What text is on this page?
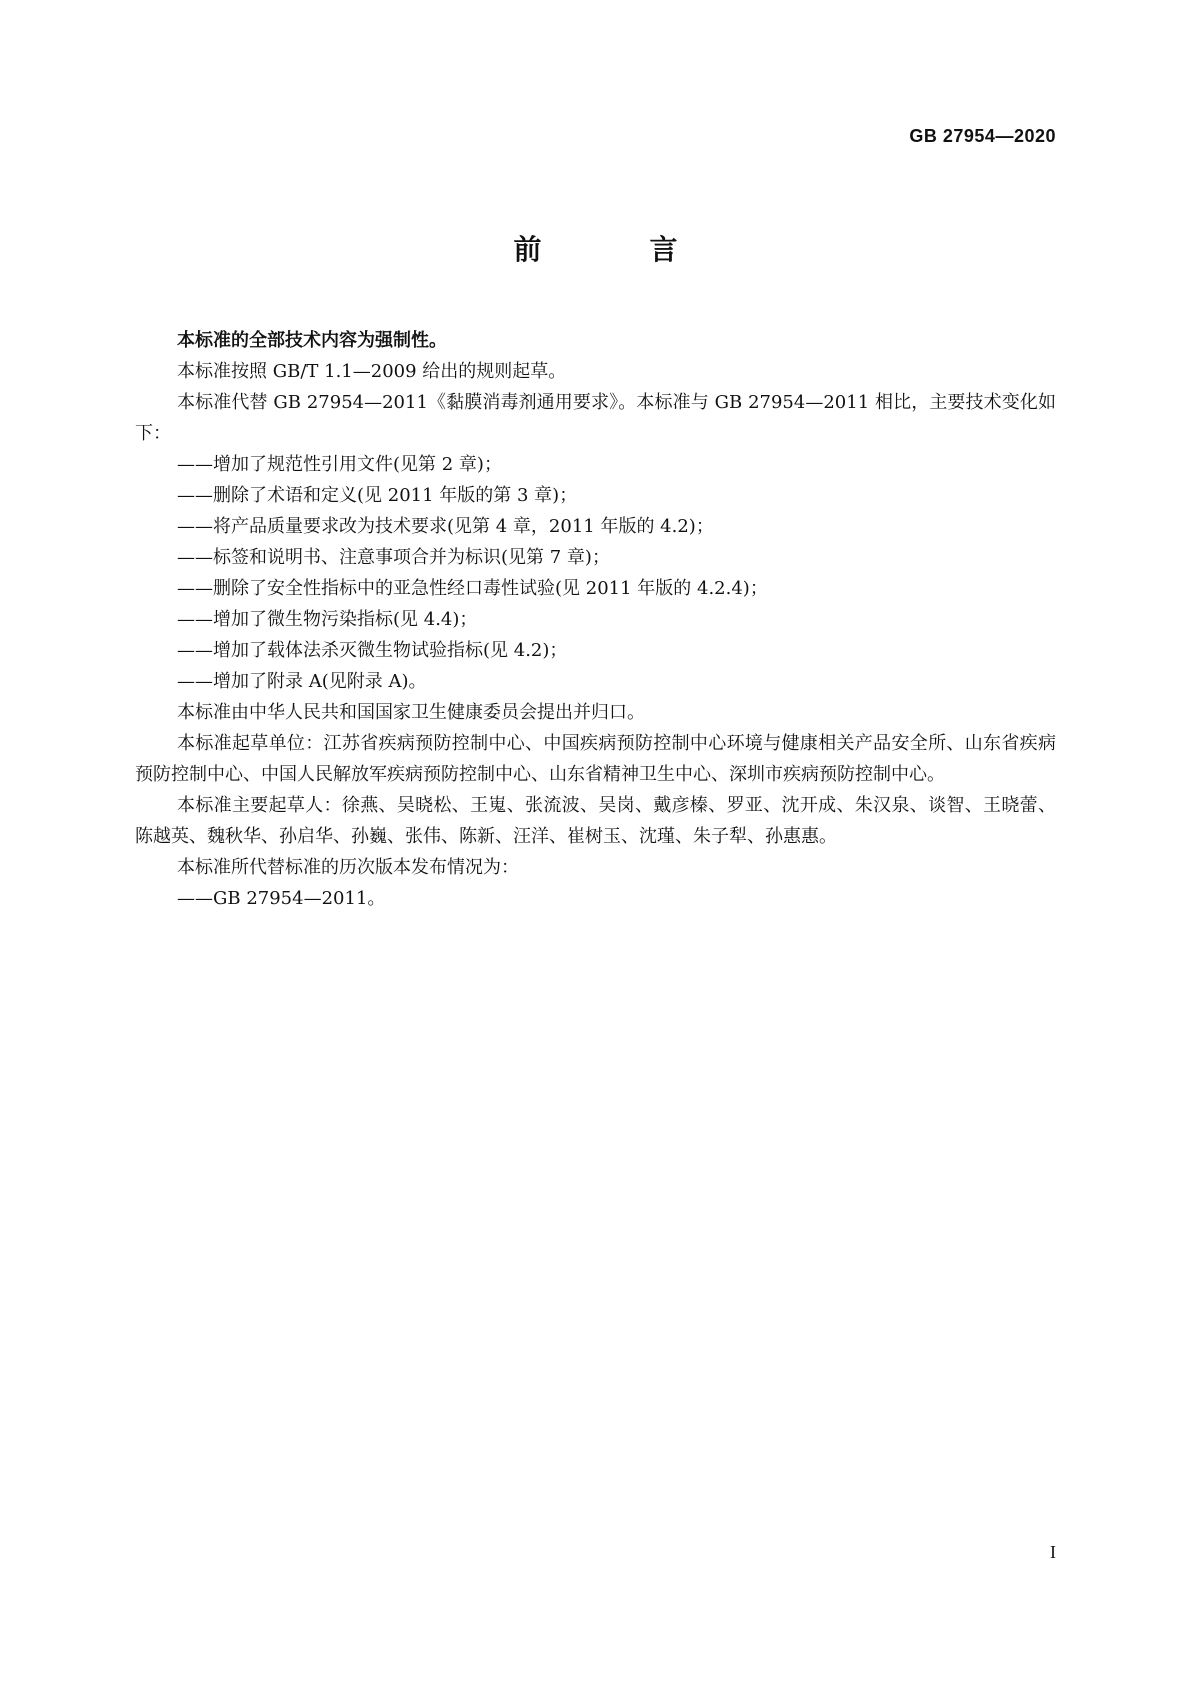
GB 27954—2020
前　言

本标准的全部技术内容为强制性。

本标准按照 GB/T 1.1—2009 给出的规则起草。

本标准代替 GB 27954—2011《黏膜消毒剂通用要求》。本标准与 GB 27954—2011 相比，主要技术变化如下：

——增加了规范性引用文件(见第 2 章)；

——删除了术语和定义(见 2011 年版的第 3 章)；

——将产品质量要求改为技术要求(见第 4 章，2011 年版的 4.2)；

——标签和说明书、注意事项合并为标识(见第 7 章)；

——删除了安全性指标中的亚急性经口毒性试验(见 2011 年版的 4.2.4)；

——增加了微生物污染指标(见 4.4)；

——增加了载体法杀灭微生物试验指标(见 4.2)；

——增加了附录 A(见附录 A)。

本标准由中华人民共和国国家卫生健康委员会提出并归口。

本标准起草单位：江苏省疾病预防控制中心、中国疾病预防控制中心环境与健康相关产品安全所、山东省疾病预防控制中心、中国人民解放军疾病预防控制中心、山东省精神卫生中心、深圳市疾病预防控制中心。

本标准主要起草人：徐燕、吴晓松、王嵬、张流波、吴岗、戴彦榛、罗亚、沈开成、朱汉泉、谈智、王晓蕾、陈越英、魏秋华、孙启华、孙巍、张伟、陈新、汪洋、崔树玉、沈瑾、朱子犁、孙惠惠。

本标准所代替标准的历次版本发布情况为：

——GB 27954—2011。

I
